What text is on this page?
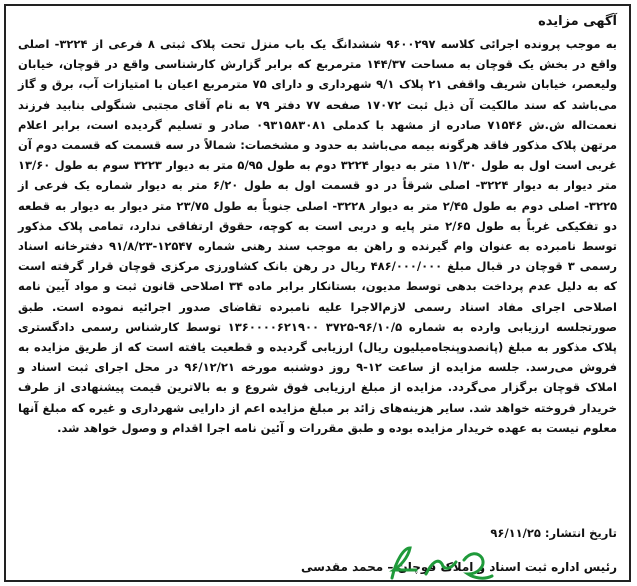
آگهی مزایده
به موجب پرونده اجرائی کلاسه ۹۶۰۰۲۹۷ ششدانگ یک باب منزل تحت پلاک ثبتی ۸ فرعی از ۳۲۲۴- اصلی واقع در بخش یک قوچان به مساحت ۱۴۴/۳۷ مترمربع که برابر گزارش کارشناسی واقع در قوچان، خیابان ولیعصر، خیابان شریف واقفی ۲۱ پلاک ۹/۱ شهرداری و دارای ۷۵ مترمربع اعیان با امتیازات آب، برق و گاز می‌باشد که سند مالکیت آن ذیل ثبت ۱۷۰۷۲ صفحه ۷۷ دفتر ۷۹ به نام آقای مجتبی شنگولی بنابید فرزند نعمت‌اله ش.ش ۷۱۵۴۶ صادره از مشهد با کدملی ۰۹۳۱۵۸۳۰۸۱ صادر و تسلیم گردیده است، برابر اعلام مرتهن پلاک مذکور فاقد هرگونه بیمه می‌باشد به حدود و مشخصات: شمالاً در سه قسمت که قسمت دوم آن غربی است اول به طول ۱۱/۳۰ متر به دیوار ۳۲۲۴ دوم به طول ۵/۹۵ متر به دیوار ۳۲۲۳ سوم به طول ۱۳/۶۰ متر دیوار به دیوار ۳۲۲۴- اصلی شرقاً در دو قسمت اول به طول ۶/۲۰ متر به دیوار شماره یک فرعی از ۳۲۲۵- اصلی دوم به طول ۲/۴۵ متر به دیوار ۳۲۲۸- اصلی جنوباً به طول ۲۳/۷۵ متر دیوار به دیوار به قطعه دو تفکیکی غرباً به طول ۲/۶۵ متر پایه و دربی است به کوچه، حقوق ارتفاقی ندارد، تمامی پلاک مذکور توسط نامبرده به عنوان وام گیرنده و راهن به موجب سند رهنی شماره ۱۲۵۴۷-۹۱/۸/۲۳ دفترخانه اسناد رسمی ۳ قوچان در قبال مبلغ ۴۸۶/۰۰۰/۰۰۰ ریال در رهن بانک کشاورزی مرکزی قوچان قرار گرفته است که به دلیل عدم پرداخت بدهی توسط مدیون، بستانکار برابر ماده ۳۴ اصلاحی قانون ثبت و مواد آیین نامه اصلاحی اجرای مفاد اسناد رسمی لازم‌الاجرا علیه نامبرده تقاضای صدور اجرائیه نموده است. طبق صورتجلسه ارزیابی وارده به شماره ۹۶/۱۰/۵-۳۷۲۵ ۱۳۶۰۰۰۰۶۲۱۹۰۰ توسط کارشناس رسمی دادگستری پلاک مذکور به مبلغ (پانصدوپنجاه‌میلیون ریال) ارزیابی گردیده و قطعیت یافته است که از طریق مزایده به فروش می‌رسد. جلسه مزایده از ساعت ۱۲-۹ روز دوشنبه مورخه ۹۶/۱۲/۲۱ در محل اجرای ثبت اسناد و املاک قوچان برگزار می‌گردد. مزایده از مبلغ ارزیابی فوق شروع و به بالاترین قیمت پیشنهادی از طرف خریدار فروخته خواهد شد. سایر هزینه‌های زائد بر مبلغ مزایده اعم از دارایی شهرداری و غیره که مبلغ آنها معلوم نیست به عهده خریدار مزایده بوده و طبق مقررات و آئین نامه اجرا اقدام و وصول خواهد شد.
تاریخ انتشار: ۹۶/۱۱/۲۵
رئیس اداره ثبت اسناد و املاک قوچان – محمد مقدسی
